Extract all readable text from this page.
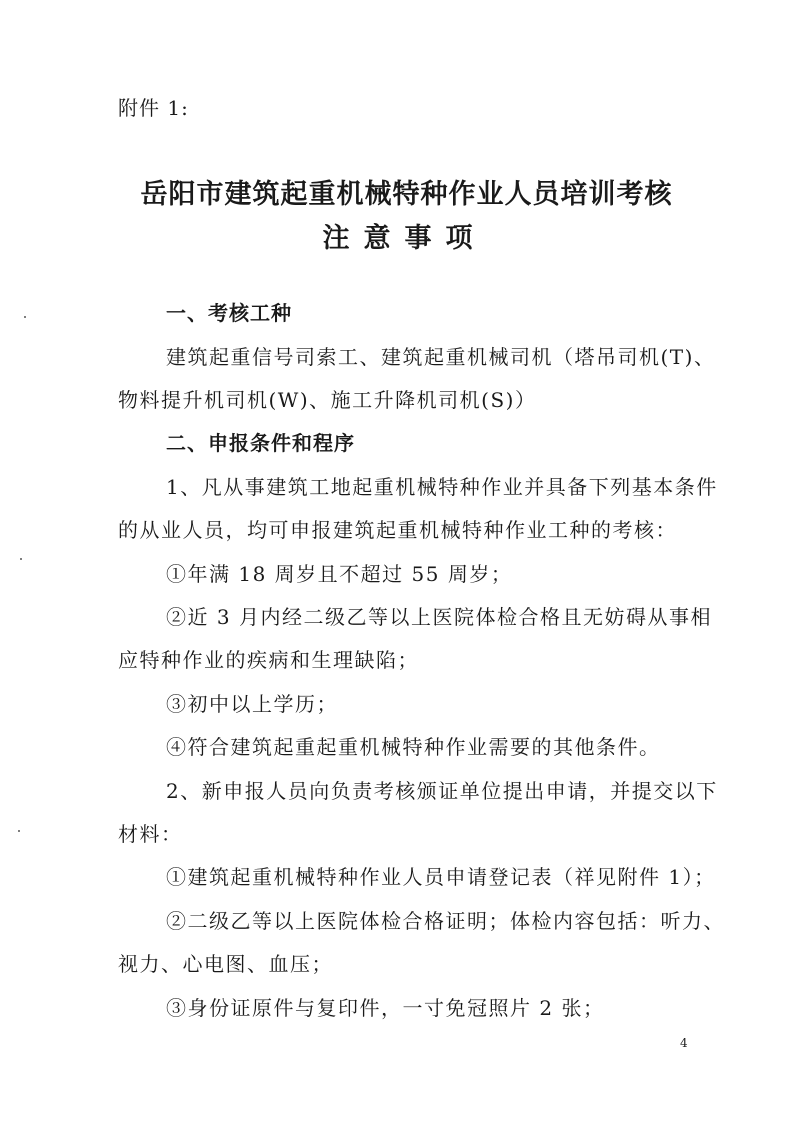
附件 1:
岳阳市建筑起重机械特种作业人员培训考核
注意事项
一、考核工种
建筑起重信号司索工、建筑起重机械司机（塔吊司机(T)、
物料提升机司机(W)、施工升降机司机(S)）
二、申报条件和程序
1、凡从事建筑工地起重机械特种作业并具备下列基本条件
的从业人员，均可申报建筑起重机械特种作业工种的考核：
①年满 18 周岁且不超过 55 周岁；
②近 3 月内经二级乙等以上医院体检合格且无妨碍从事相
应特种作业的疾病和生理缺陷；
③初中以上学历；
④符合建筑起重起重机械特种作业需要的其他条件。
2、新申报人员向负责考核颁证单位提出申请，并提交以下
材料：
①建筑起重机械特种作业人员申请登记表（祥见附件 1）；
②二级乙等以上医院体检合格证明；体检内容包括：听力、
视力、心电图、血压；
③身份证原件与复印件，一寸免冠照片 2 张；
4
